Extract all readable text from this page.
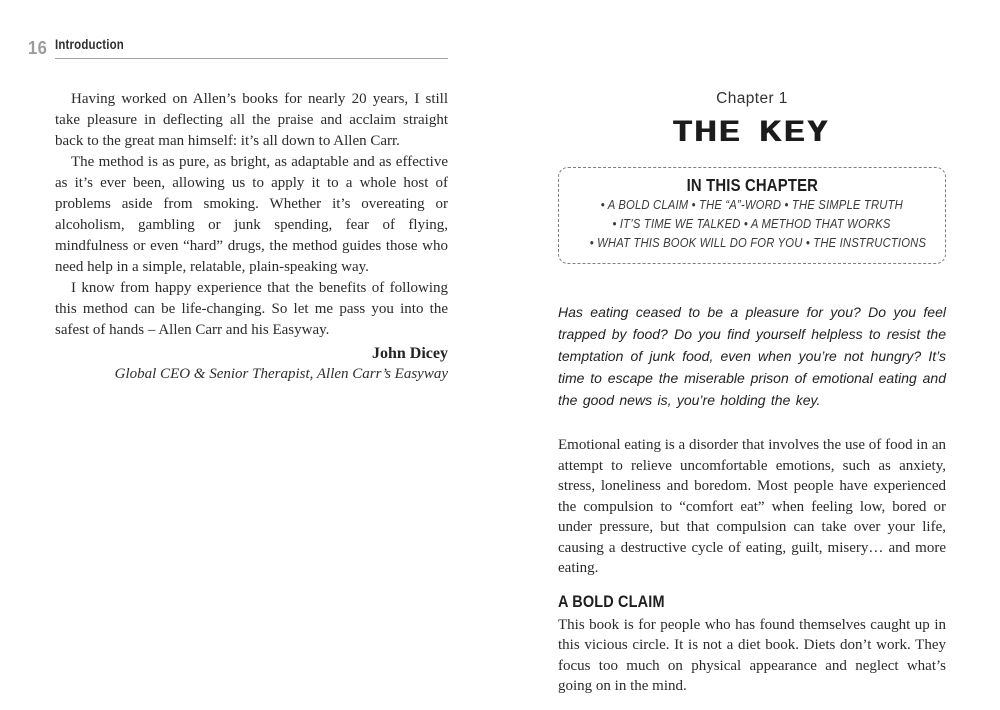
16 Introduction

Having worked on Allen’s books for nearly 20 years, I still take pleasure in deflecting all the praise and acclaim straight back to the great man himself: it’s all down to Allen Carr.

The method is as pure, as bright, as adaptable and as effective as it’s ever been, allowing us to apply it to a whole host of problems aside from smoking. Whether it’s overeating or alcoholism, gambling or junk spending, fear of flying, mindfulness or even “hard” drugs, the method guides those who need help in a simple, relatable, plain-speaking way.

I know from happy experience that the benefits of following this method can be life-changing. So let me pass you into the safest of hands – Allen Carr and his Easyway.

John Dicey
Global CEO & Senior Therapist, Allen Carr’s Easyway
Chapter 1
THE KEY
IN THIS CHAPTER
• A BOLD CLAIM • THE “A”-WORD • THE SIMPLE TRUTH
• IT’S TIME WE TALKED • A METHOD THAT WORKS
• WHAT THIS BOOK WILL DO FOR YOU • THE INSTRUCTIONS
Has eating ceased to be a pleasure for you? Do you feel trapped by food? Do you find yourself helpless to resist the temptation of junk food, even when you’re not hungry? It’s time to escape the miserable prison of emotional eating and the good news is, you’re holding the key.

Emotional eating is a disorder that involves the use of food in an attempt to relieve uncomfortable emotions, such as anxiety, stress, loneliness and boredom. Most people have experienced the compulsion to “comfort eat” when feeling low, bored or under pressure, but that compulsion can take over your life, causing a destructive cycle of eating, guilt, misery… and more eating.

A BOLD CLAIM

This book is for people who has found themselves caught up in this vicious circle. It is not a diet book. Diets don’t work. They focus too much on physical appearance and neglect what’s going on in the mind.
